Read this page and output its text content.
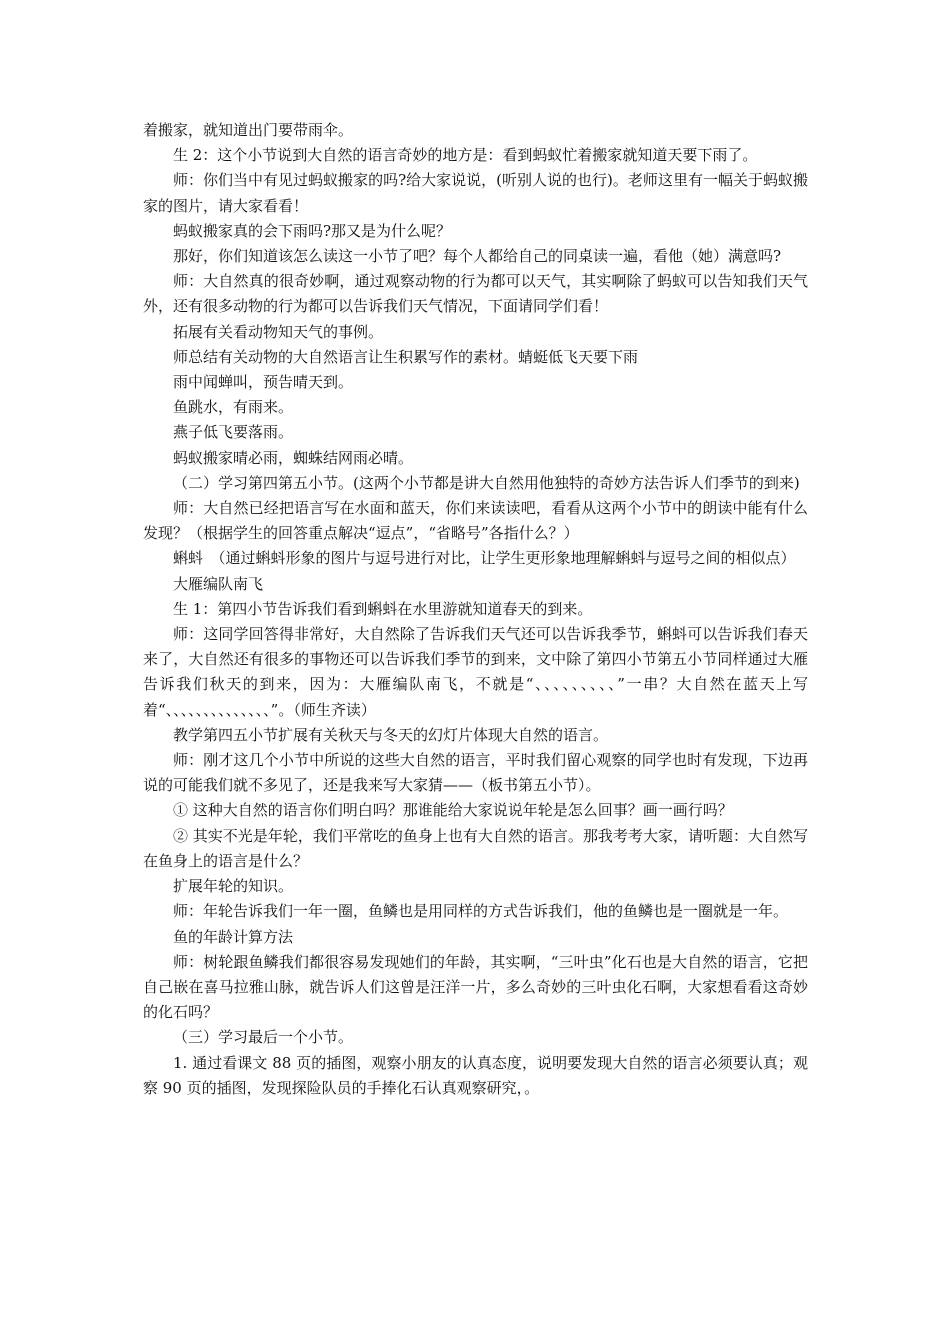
着搬家，就知道出门要带雨伞。

生 2：这个小节说到大自然的语言奇妙的地方是：看到蚂蚁忙着搬家就知道天要下雨了。

师：你们当中有见过蚂蚁搬家的吗?给大家说说，(听别人说的也行)。老师这里有一幅关于蚂蚁搬家的图片，请大家看看！

蚂蚁搬家真的会下雨吗?那又是为什么呢？

那好，你们知道该怎么读这一小节了吧？每个人都给自己的同桌读一遍，看他（她）满意吗?

师：大自然真的很奇妙啊，通过观察动物的行为都可以天气，其实啊除了蚂蚁可以告知我们天气外，还有很多动物的行为都可以告诉我们天气情况，下面请同学们看！

拓展有关看动物知天气的事例。

师总结有关动物的大自然语言让生积累写作的素材。蜻蜓低飞天要下雨

雨中闻蝉叫，预告晴天到。

鱼跳水，有雨来。

燕子低飞要落雨。

蚂蚁搬家晴必雨，蜘蛛结网雨必晴。

（二）学习第四第五小节。(这两个小节都是讲大自然用他独特的奇妙方法告诉人们季节的到来)

师：大自然已经把语言写在水面和蓝天，你们来读读吧，看看从这两个小节中的朗读中能有什么发现？（根据学生的回答重点解决“逗点”，“省略号”各指什么？）

蝌蚪　（通过蝌蚪形象的图片与逗号进行对比，让学生更形象地理解蝌蚪与逗号之间的相似点）

大雁编队南飞

生 1：第四小节告诉我们看到蝌蚪在水里游就知道春天的到来。

师：这同学回答得非常好，大自然除了告诉我们天气还可以告诉我季节，蝌蚪可以告诉我们春天来了，大自然还有很多的事物还可以告诉我们季节的到来，文中除了第四小节第五小节同样通过大雁告诉我们秋天的到来，因为：大雁编队南飞，不就是“、、、、、、、、、”一串？大自然在蓝天上写着“、、、、、、、、、、、、、、”。（师生齐读）

教学第四五小节扩展有关秋天与冬天的幻灯片体现大自然的语言。

师：刚才这几个小节中所说的这些大自然的语言，平时我们留心观察的同学也时有发现，下边再说的可能我们就不多见了，还是我来写大家猜——（板书第五小节）。

① 这种大自然的语言你们明白吗？那谁能给大家说说年轮是怎么回事？画一画行吗？

② 其实不光是年轮，我们平常吃的鱼身上也有大自然的语言。那我考考大家，请听题：大自然写在鱼身上的语言是什么？

扩展年轮的知识。

师：年轮告诉我们一年一圈，鱼鳞也是用同样的方式告诉我们，他的鱼鳞也是一圈就是一年。

鱼的年龄计算方法

师：树轮跟鱼鳞我们都很容易发现她们的年龄，其实啊，“三叶虫”化石也是大自然的语言，它把自己嵌在喜马拉雅山脉，就告诉人们这曾是汪洋一片，多么奇妙的三叶虫化石啊，大家想看看这奇妙的化石吗？

（三）学习最后一个小节。

1. 通过看课文 88 页的插图，观察小朋友的认真态度，说明要发现大自然的语言必须要认真；观察 90 页的插图，发现探险队员的手捧化石认真观察研究，。
